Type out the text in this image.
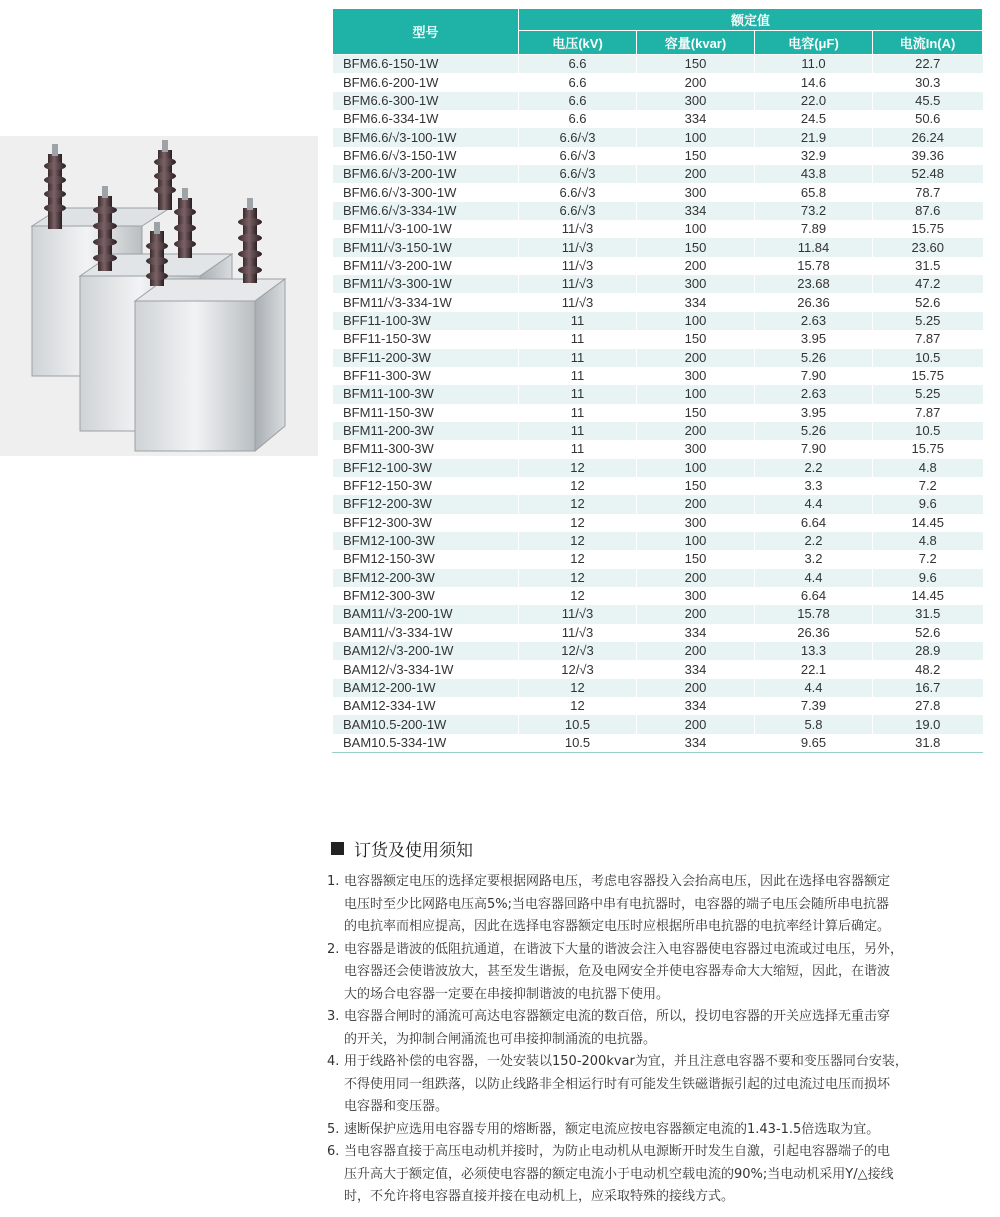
型号	额定值			
	电压(kV)	容量(kvar)	电容(μF)	电流In(A)
BFM6.6-150-1W	6.6	150	11.0	22.7
BFM6.6-200-1W	6.6	200	14.6	30.3
BFM6.6-300-1W	6.6	300	22.0	45.5
BFM6.6-334-1W	6.6	334	24.5	50.6
BFM6.6/√3-100-1W	6.6/√3	100	21.9	26.24
BFM6.6/√3-150-1W	6.6/√3	150	32.9	39.36
BFM6.6/√3-200-1W	6.6/√3	200	43.8	52.48
BFM6.6/√3-300-1W	6.6/√3	300	65.8	78.7
BFM6.6/√3-334-1W	6.6/√3	334	73.2	87.6
BFM11/√3-100-1W	11/√3	100	7.89	15.75
BFM11/√3-150-1W	11/√3	150	11.84	23.60
BFM11/√3-200-1W	11/√3	200	15.78	31.5
BFM11/√3-300-1W	11/√3	300	23.68	47.2
BFM11/√3-334-1W	11/√3	334	26.36	52.6
BFF11-100-3W	11	100	2.63	5.25
BFF11-150-3W	11	150	3.95	7.87
BFF11-200-3W	11	200	5.26	10.5
BFF11-300-3W	11	300	7.90	15.75
BFM11-100-3W	11	100	2.63	5.25
BFM11-150-3W	11	150	3.95	7.87
BFM11-200-3W	11	200	5.26	10.5
BFM11-300-3W	11	300	7.90	15.75
BFF12-100-3W	12	100	2.2	4.8
BFF12-150-3W	12	150	3.3	7.2
BFF12-200-3W	12	200	4.4	9.6
BFF12-300-3W	12	300	6.64	14.45
BFM12-100-3W	12	100	2.2	4.8
BFM12-150-3W	12	150	3.2	7.2
BFM12-200-3W	12	200	4.4	9.6
BFM12-300-3W	12	300	6.64	14.45
BAM11/√3-200-1W	11/√3	200	15.78	31.5
BAM11/√3-334-1W	11/√3	334	26.36	52.6
BAM12/√3-200-1W	12/√3	200	13.3	28.9
BAM12/√3-334-1W	12/√3	334	22.1	48.2
BAM12-200-1W	12	200	4.4	16.7
BAM12-334-1W	12	334	7.39	27.8
BAM10.5-200-1W	10.5	200	5.8	19.0
BAM10.5-334-1W	10.5	334	9.65	31.8
订货及使用须知
1. 电容器额定电压的选择定要根据网路电压，考虑电容器投入会抬高电压，因此在选择电容器额定
电压时至少比网路电压高5%;当电容器回路中串有电抗器时，电容器的端子电压会随所串电抗器
的电抗率而相应提高，因此在选择电容器额定电压时应根据所串电抗器的电抗率经计算后确定。
2. 电容器是谐波的低阻抗通道，在谐波下大量的谐波会注入电容器使电容器过电流或过电压，另外，
电容器还会使谐波放大，甚至发生谐振，危及电网安全并使电容器寿命大大缩短，因此，在谐波
大的场合电容器一定要在串接抑制谐波的电抗器下使用。
3. 电容器合闸时的涌流可高达电容器额定电流的数百倍，所以，投切电容器的开关应选择无重击穿
的开关，为抑制合闸涌流也可串接抑制涌流的电抗器。
4. 用于线路补偿的电容器，一处安装以150-200kvar为宜，并且注意电容器不要和变压器同台安装，
不得使用同一组跌落，以防止线路非全相运行时有可能发生铁磁谐振引起的过电流过电压而损坏
电容器和变压器。
5. 速断保护应选用电容器专用的熔断器，额定电流应按电容器额定电流的1.43-1.5倍选取为宜。
6. 当电容器直接于高压电动机并接时，为防止电动机从电源断开时发生自激，引起电容器端子的电
压升高大于额定值，必须使电容器的额定电流小于电动机空载电流的90%;当电动机采用Y/△接线
时，不允许将电容器直接并接在电动机上，应采取特殊的接线方式。
